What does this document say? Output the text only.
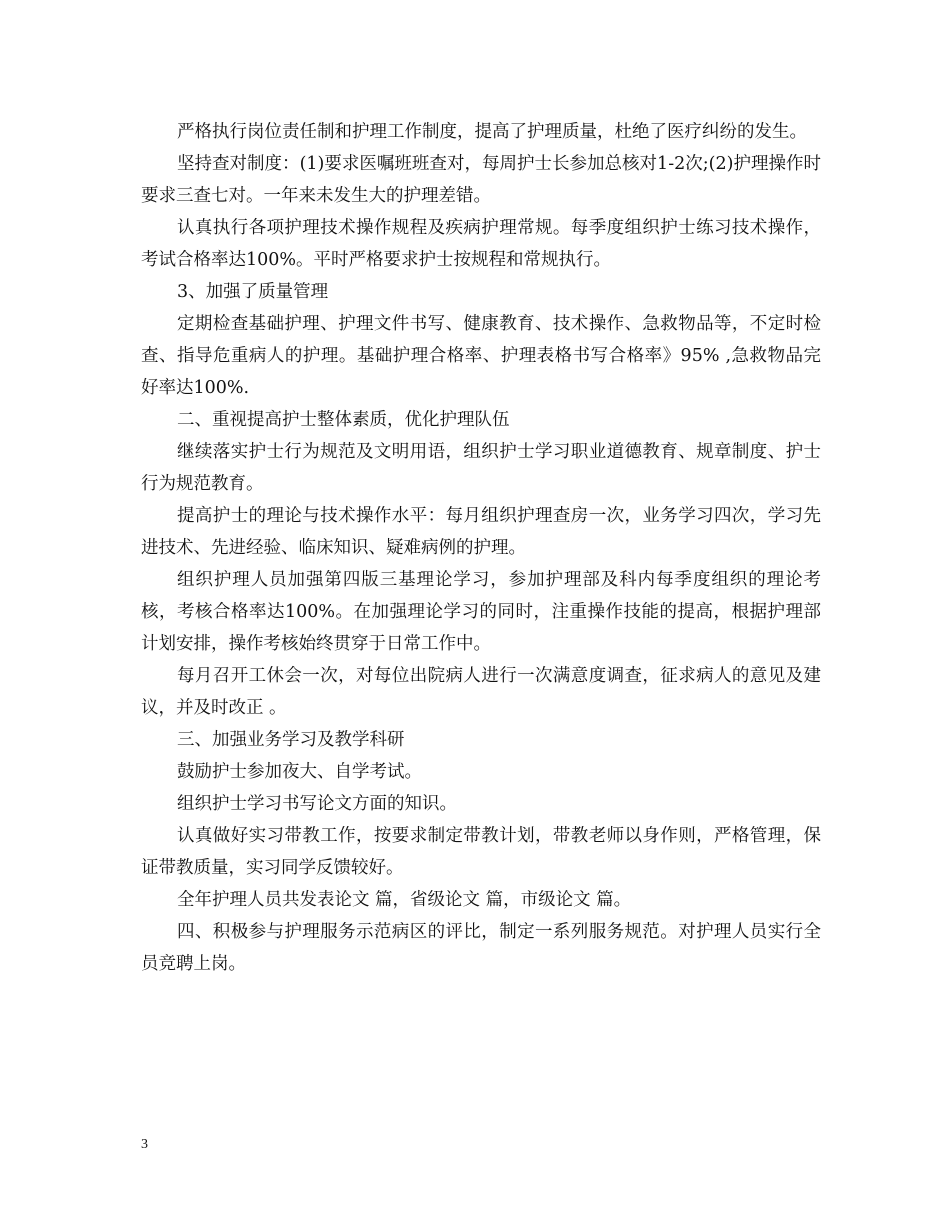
严格执行岗位责任制和护理工作制度，提高了护理质量，杜绝了医疗纠纷的发生。

坚持查对制度：(1)要求医嘱班班查对，每周护士长参加总核对1-2次;(2)护理操作时要求三查七对。一年来未发生大的护理差错。

认真执行各项护理技术操作规程及疾病护理常规。每季度组织护士练习技术操作，考试合格率达100%。平时严格要求护士按规程和常规执行。

3、加强了质量管理

定期检查基础护理、护理文件书写、健康教育、技术操作、急救物品等，不定时检查、指导危重病人的护理。基础护理合格率、护理表格书写合格率》95% ,急救物品完好率达100%.

二、重视提高护士整体素质，优化护理队伍

继续落实护士行为规范及文明用语，组织护士学习职业道德教育、规章制度、护士行为规范教育。

提高护士的理论与技术操作水平：每月组织护理查房一次，业务学习四次，学习先进技术、先进经验、临床知识、疑难病例的护理。

组织护理人员加强第四版三基理论学习，参加护理部及科内每季度组织的理论考核，考核合格率达100%。在加强理论学习的同时，注重操作技能的提高，根据护理部计划安排，操作考核始终贯穿于日常工作中。

每月召开工休会一次，对每位出院病人进行一次满意度调查，征求病人的意见及建议，并及时改正 。

三、加强业务学习及教学科研

鼓励护士参加夜大、自学考试。

组织护士学习书写论文方面的知识。

认真做好实习带教工作，按要求制定带教计划，带教老师以身作则，严格管理，保证带教质量，实习同学反馈较好。

全年护理人员共发表论文 篇，省级论文 篇，市级论文 篇。

四、积极参与护理服务示范病区的评比，制定一系列服务规范。对护理人员实行全员竞聘上岗。

3
